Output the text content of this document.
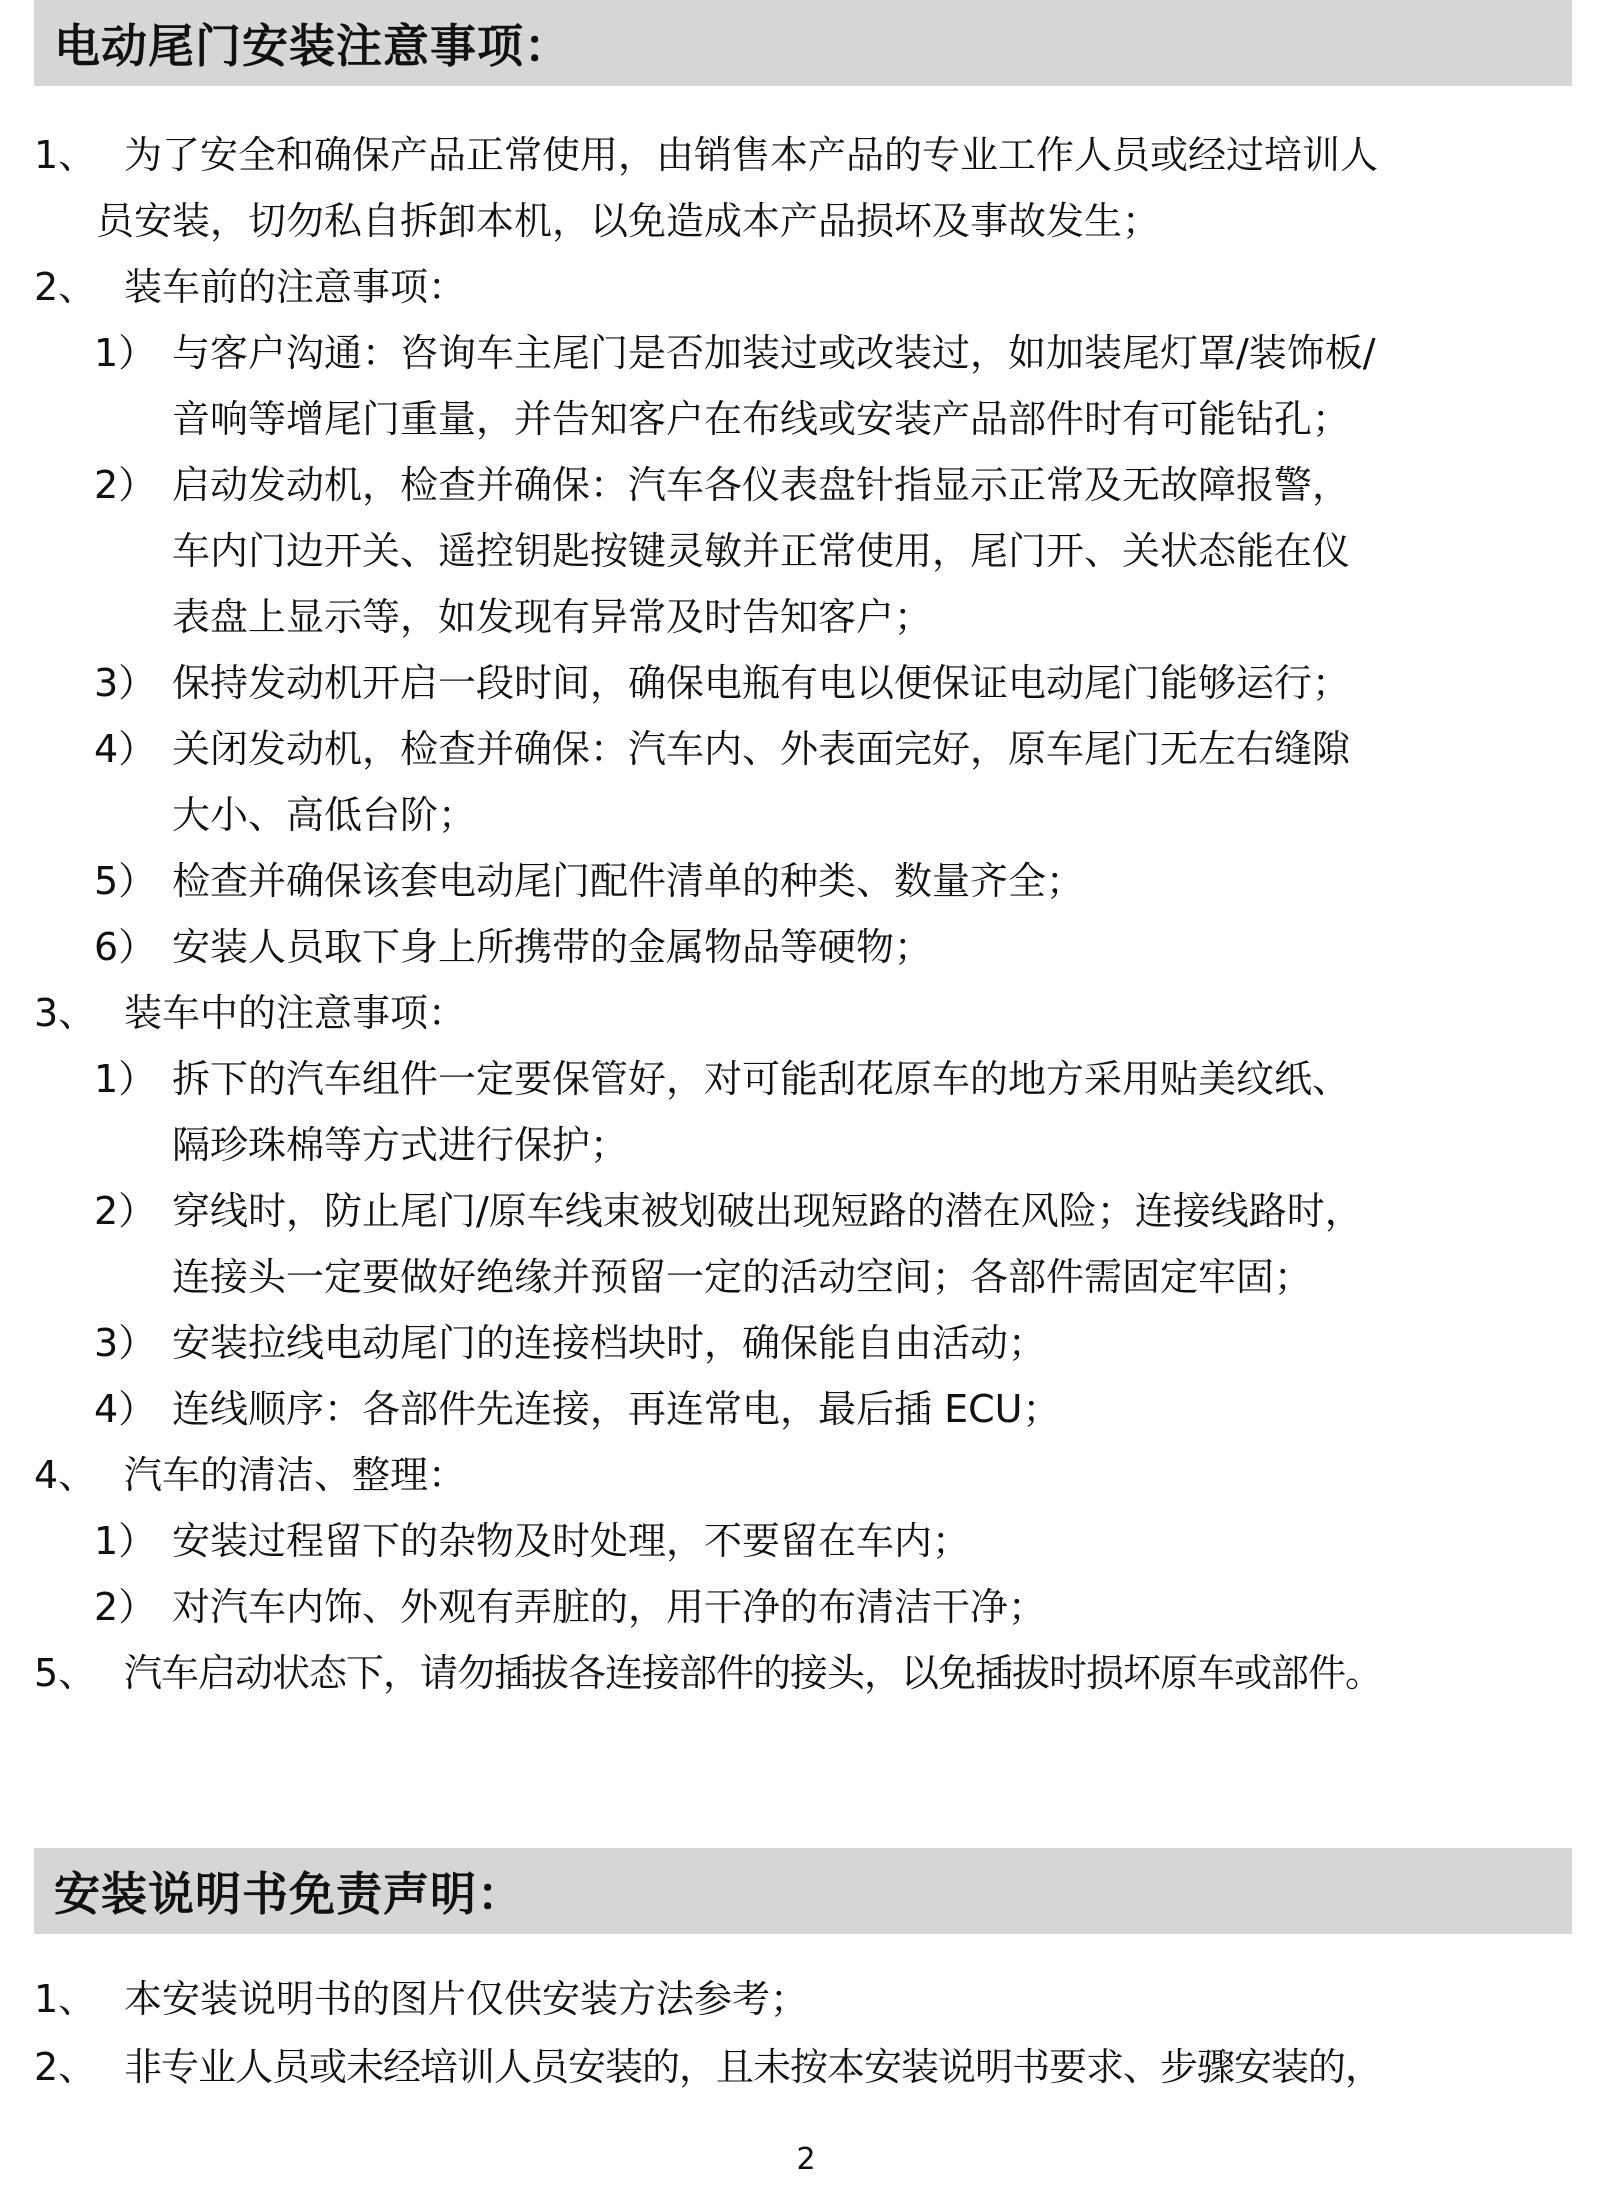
电动尾门安装注意事项：
1、 为了安全和确保产品正常使用，由销售本产品的专业工作人员或经过培训人
员安装，切勿私自拆卸本机，以免造成本产品损坏及事故发生；
2、 装车前的注意事项：
1） 与客户沟通：咨询车主尾门是否加装过或改装过，如加装尾灯罩/装饰板/
音响等增尾门重量，并告知客户在布线或安装产品部件时有可能钻孔；
2） 启动发动机，检查并确保：汽车各仪表盘针指显示正常及无故障报警，
车内门边开关、遥控钥匙按键灵敏并正常使用，尾门开、关状态能在仪
表盘上显示等，如发现有异常及时告知客户；
3） 保持发动机开启一段时间，确保电瓶有电以便保证电动尾门能够运行；
4） 关闭发动机，检查并确保：汽车内、外表面完好，原车尾门无左右缝隙
大小、高低台阶；
5） 检查并确保该套电动尾门配件清单的种类、数量齐全；
6） 安装人员取下身上所携带的金属物品等硬物；
3、 装车中的注意事项：
1） 拆下的汽车组件一定要保管好，对可能刮花原车的地方采用贴美纹纸、
隔珍珠棉等方式进行保护；
2） 穿线时，防止尾门/原车线束被划破出现短路的潜在风险；连接线路时，
连接头一定要做好绝缘并预留一定的活动空间；各部件需固定牢固；
3） 安装拉线电动尾门的连接档块时，确保能自由活动；
4） 连线顺序：各部件先连接，再连常电，最后插 ECU；
4、 汽车的清洁、整理：
1） 安装过程留下的杂物及时处理，不要留在车内；
2） 对汽车内饰、外观有弄脏的，用干净的布清洁干净；
5、 汽车启动状态下，请勿插拔各连接部件的接头，以免插拔时损坏原车或部件。
安装说明书免责声明：
1、 本安装说明书的图片仅供安装方法参考；
2、 非专业人员或未经培训人员安装的，且未按本安装说明书要求、步骤安装的，
2
